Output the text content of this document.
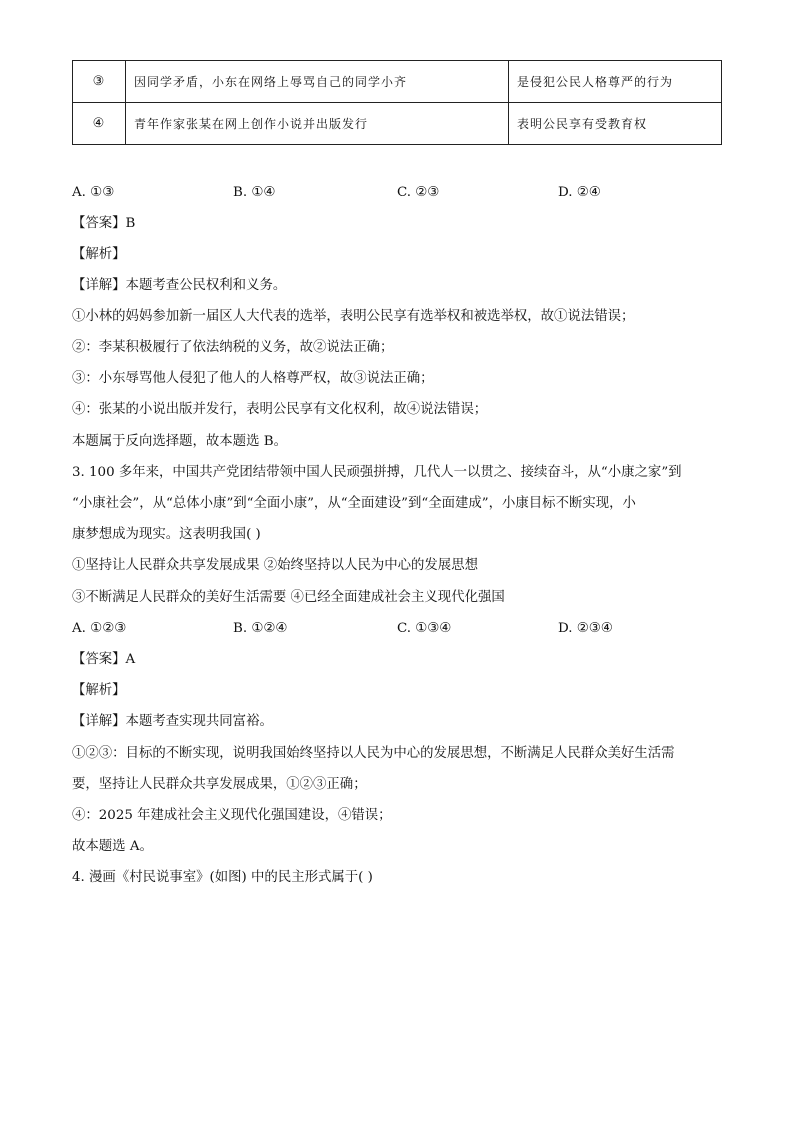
③	因同学矛盾，小东在网络上辱骂自己的同学小齐	是侵犯公民人格尊严的行为
④	青年作家张某在网上创作小说并出版发行	表明公民享有受教育权
A. ①③	B. ①④	C. ②③	D. ②④
【答案】B
【解析】
【详解】本题考查公民权利和义务。
①小林的妈妈参加新一届区人大代表的选举，表明公民享有选举权和被选举权，故①说法错误；
②：李某积极履行了依法纳税的义务，故②说法正确；
③：小东辱骂他人侵犯了他人的人格尊严权，故③说法正确；
④：张某的小说出版并发行，表明公民享有文化权利，故④说法错误；
本题属于反向选择题，故本题选 B。
3. 100 多年来，中国共产党团结带领中国人民顽强拼搏，几代人一以贯之、接续奋斗，从“小康之家”到
“小康社会”，从“总体小康”到“全面小康”，从“全面建设”到“全面建成”，小康目标不断实现，小
康梦想成为现实。这表明我国( )
①坚持让人民群众共享发展成果 ②始终坚持以人民为中心的发展思想
③不断满足人民群众的美好生活需要 ④已经全面建成社会主义现代化强国
A. ①②③	B. ①②④	C. ①③④	D. ②③④
【答案】A
【解析】
【详解】本题考查实现共同富裕。
①②③：目标的不断实现，说明我国始终坚持以人民为中心的发展思想，不断满足人民群众美好生活需
要，坚持让人民群众共享发展成果，①②③正确；
④：2025 年建成社会主义现代化强国建设，④错误；
故本题选 A。
4. 漫画《村民说事室》(如图) 中的民主形式属于( )
